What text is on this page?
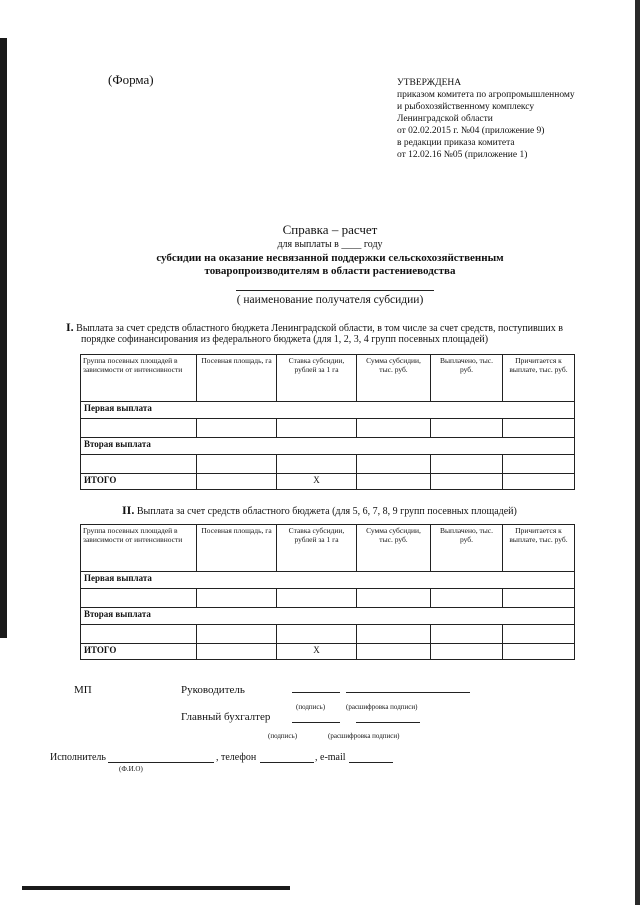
(Форма)	УТВЕРЖДЕНА
приказом комитета по агропромышленному
и рыбохозяйственному комплексу
Ленинградской области
от 02.02.2015 г. №04 (приложение 9)
в редакции приказа комитета
от 12.02.16 №05 (приложение 1)
Справка – расчет
для выплаты в ____ году
субсидии на оказание несвязанной поддержки сельскохозяйственным
товаропроизводителям в области растениеводства
( наименование получателя субсидии)
I. Выплата за счет средств областного бюджета Ленинградской области, в том числе за счет средств, поступивших в
порядке софинансирования из федерального бюджета (для 1, 2, 3, 4 групп посевных площадей)
Группа посевных площадей в зависимости от интенсивности	Посевная площадь, га	Ставка субсидии, рублей за 1 га	Сумма субсидии, тыс. руб.	Выплачено, тыс. руб.	Причитается к выплате, тыс. руб.
Первая выплата					

Вторая выплата					

ИТОГО		Х			
II. Выплата за счет средств областного бюджета (для 5, 6, 7, 8, 9 групп посевных площадей)
Группа посевных площадей в зависимости от интенсивности	Посевная площадь, га	Ставка субсидии, рублей за 1 га	Сумма субсидии, тыс. руб.	Выплачено, тыс. руб.	Причитается к выплате, тыс. руб.
Первая выплата					

Вторая выплата					

ИТОГО		Х			
МП	Руководитель
(подпись)	(расшифровка подписи)
Главный бухгалтер
(подпись)	(расшифровка подписи)
Исполнитель	, телефон	, e-mail
(Ф.И.О)
